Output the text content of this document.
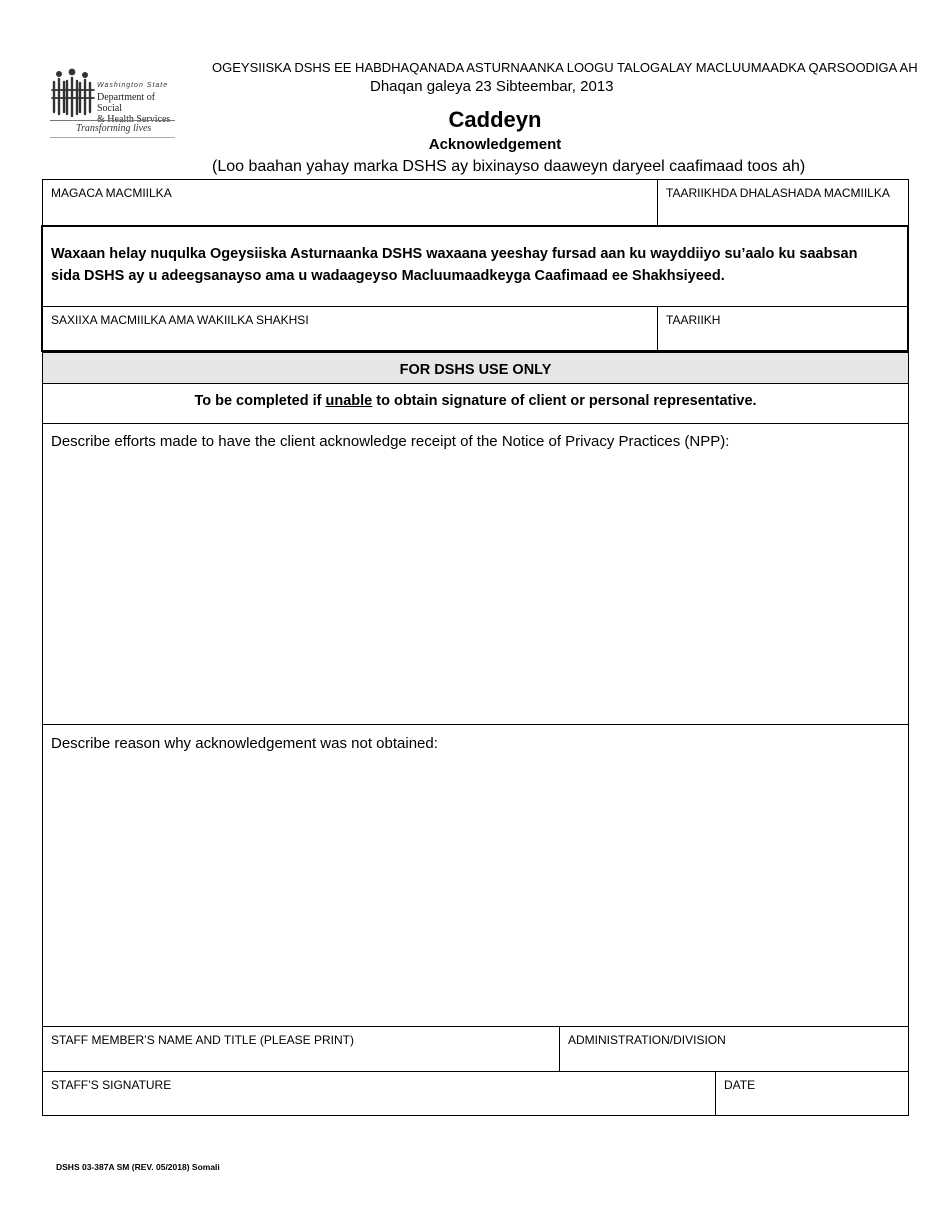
Washington State
Department of Social
& Health Services
Transforming lives
OGEYSIISKA DSHS EE HABDHAQANADA ASTURNAANKA LOOGU TALOGALAY MACLUUMAADKA QARSOODIGA AH
Dhaqan galeya 23 Sibteembar, 2013
Caddeyn
Acknowledgement
(Loo baahan yahay marka DSHS ay bixinayso daaweyn daryeel caafimaad toos ah)
MAGACA MACMIILKA	TAARIIKHDA DHALASHADA MACMIILKA
Waxaan helay nuqulka Ogeysiiska Asturnaanka DSHS waxaana yeeshay fursad aan ku wayddiiyo su’aalo ku saabsan sida DSHS ay u adeegsanayso ama u wadaageyso Macluumaadkeyga Caafimaad ee Shakhsiyeed.
SAXIIXA MACMIILKA AMA WAKIILKA SHAKHSI	TAARIIKH
FOR DSHS USE ONLY
To be completed if unable to obtain signature of client or personal representative.
Describe efforts made to have the client acknowledge receipt of the Notice of Privacy Practices (NPP):
Describe reason why acknowledgement was not obtained:
STAFF MEMBER’S NAME AND TITLE (PLEASE PRINT)	ADMINISTRATION/DIVISION
STAFF’S SIGNATURE	DATE
DSHS 03-387A SM (REV. 05/2018) Somali
